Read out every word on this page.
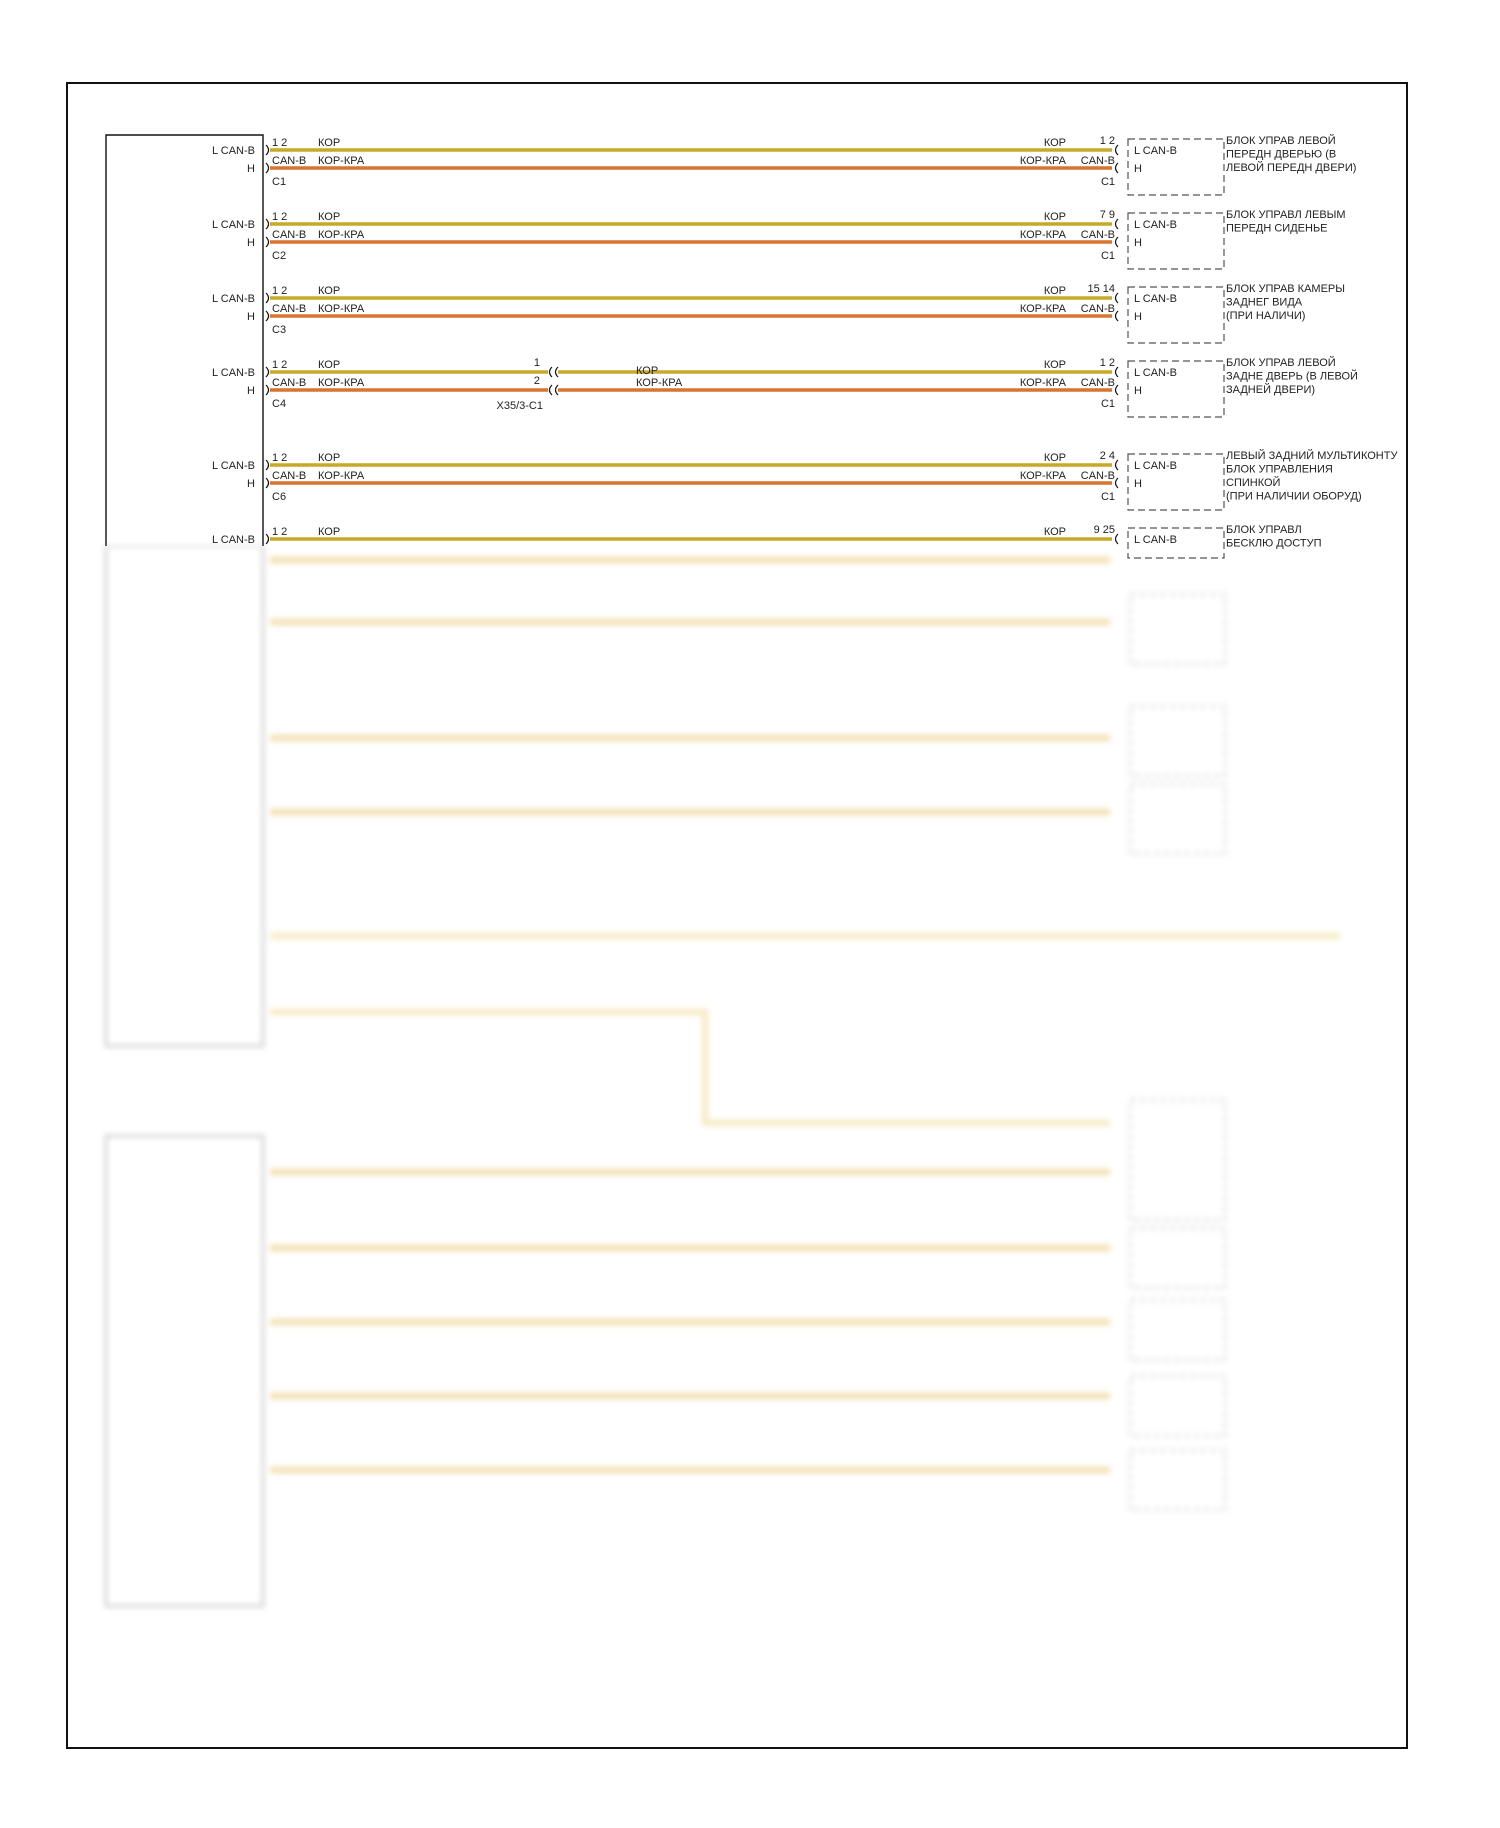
L CAN-B
H
1 2
CAN-B
C1
КОР
КОР-КРА
КОР
КОР-КРА
1 2
CAN-B
C1
L CAN-B
H
БЛОК УПРАВ ЛЕВОЙ
ПЕРЕДН ДВЕРЬЮ (В
ЛЕВОЙ ПЕРЕДН ДВЕРИ)
L CAN-B
H
1 2
CAN-B
C2
КОР
КОР-КРА
КОР
КОР-КРА
7 9
CAN-B
C1
L CAN-B
H
БЛОК УПРАВЛ ЛЕВЫМ
ПЕРЕДН СИДЕНЬЕ
L CAN-B
H
1 2
CAN-B
C3
КОР
КОР-КРА
КОР
КОР-КРА
15 14
CAN-B
L CAN-B
H
БЛОК УПРАВ КАМЕРЫ
ЗАДНЕГ ВИДА
(ПРИ НАЛИЧИ)
L CAN-B
H
1 2
CAN-B
C4
1
2
X35/3-C1
КОР
КОР-КРА
КОР
КОР-КРА
КОР
КОР-КРА
1 2
CAN-B
C1
L CAN-B
H
БЛОК УПРАВ ЛЕВОЙ
ЗАДНЕ ДВЕРЬ (В ЛЕВОЙ
ЗАДНЕЙ ДВЕРИ)
L CAN-B
H
1 2
CAN-B
C6
КОР
КОР-КРА
КОР
КОР-КРА
2 4
CAN-B
C1
L CAN-B
H
ЛЕВЫЙ ЗАДНИЙ МУЛЬТИКОНТУ
БЛОК УПРАВЛЕНИЯ
СПИНКОЙ
(ПРИ НАЛИЧИИ ОБОРУД)
L CAN-B
1 2	КОР	КОР	9 25
L CAN-B
БЛОК УПРАВЛ
БЕСКЛЮ ДОСТУП
